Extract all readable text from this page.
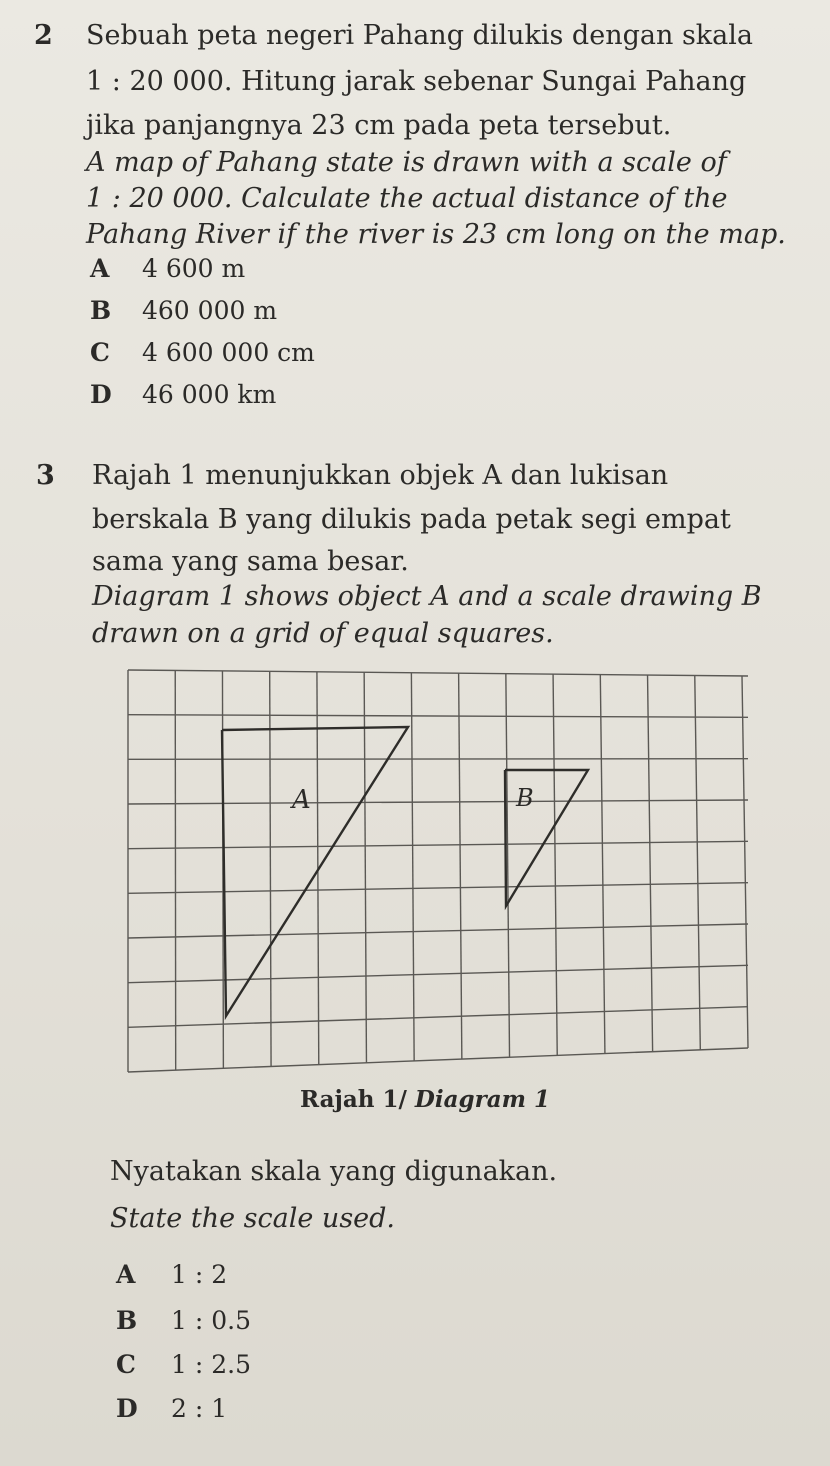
2 Sebuah peta negeri Pahang dilukis dengan skala
1 : 20 000. Hitung jarak sebenar Sungai Pahang
jika panjangnya 23 cm pada peta tersebut.
A map of Pahang state is drawn with a scale of
1 : 20 000. Calculate the actual distance of the
Pahang River if the river is 23 cm long on the map.
A 4 600 m
B 460 000 m
C 4 600 000 cm
D 46 000 km
3 Rajah 1 menunjukkan objek A dan lukisan
berskala B yang dilukis pada petak segi empat
sama yang sama besar.
Diagram 1 shows object A and a scale drawing B
drawn on a grid of equal squares.
A	B
Rajah 1/ Diagram 1
Nyatakan skala yang digunakan.
State the scale used.
A 1 : 2
B 1 : 0.5
C 1 : 2.5
D 2 : 1
